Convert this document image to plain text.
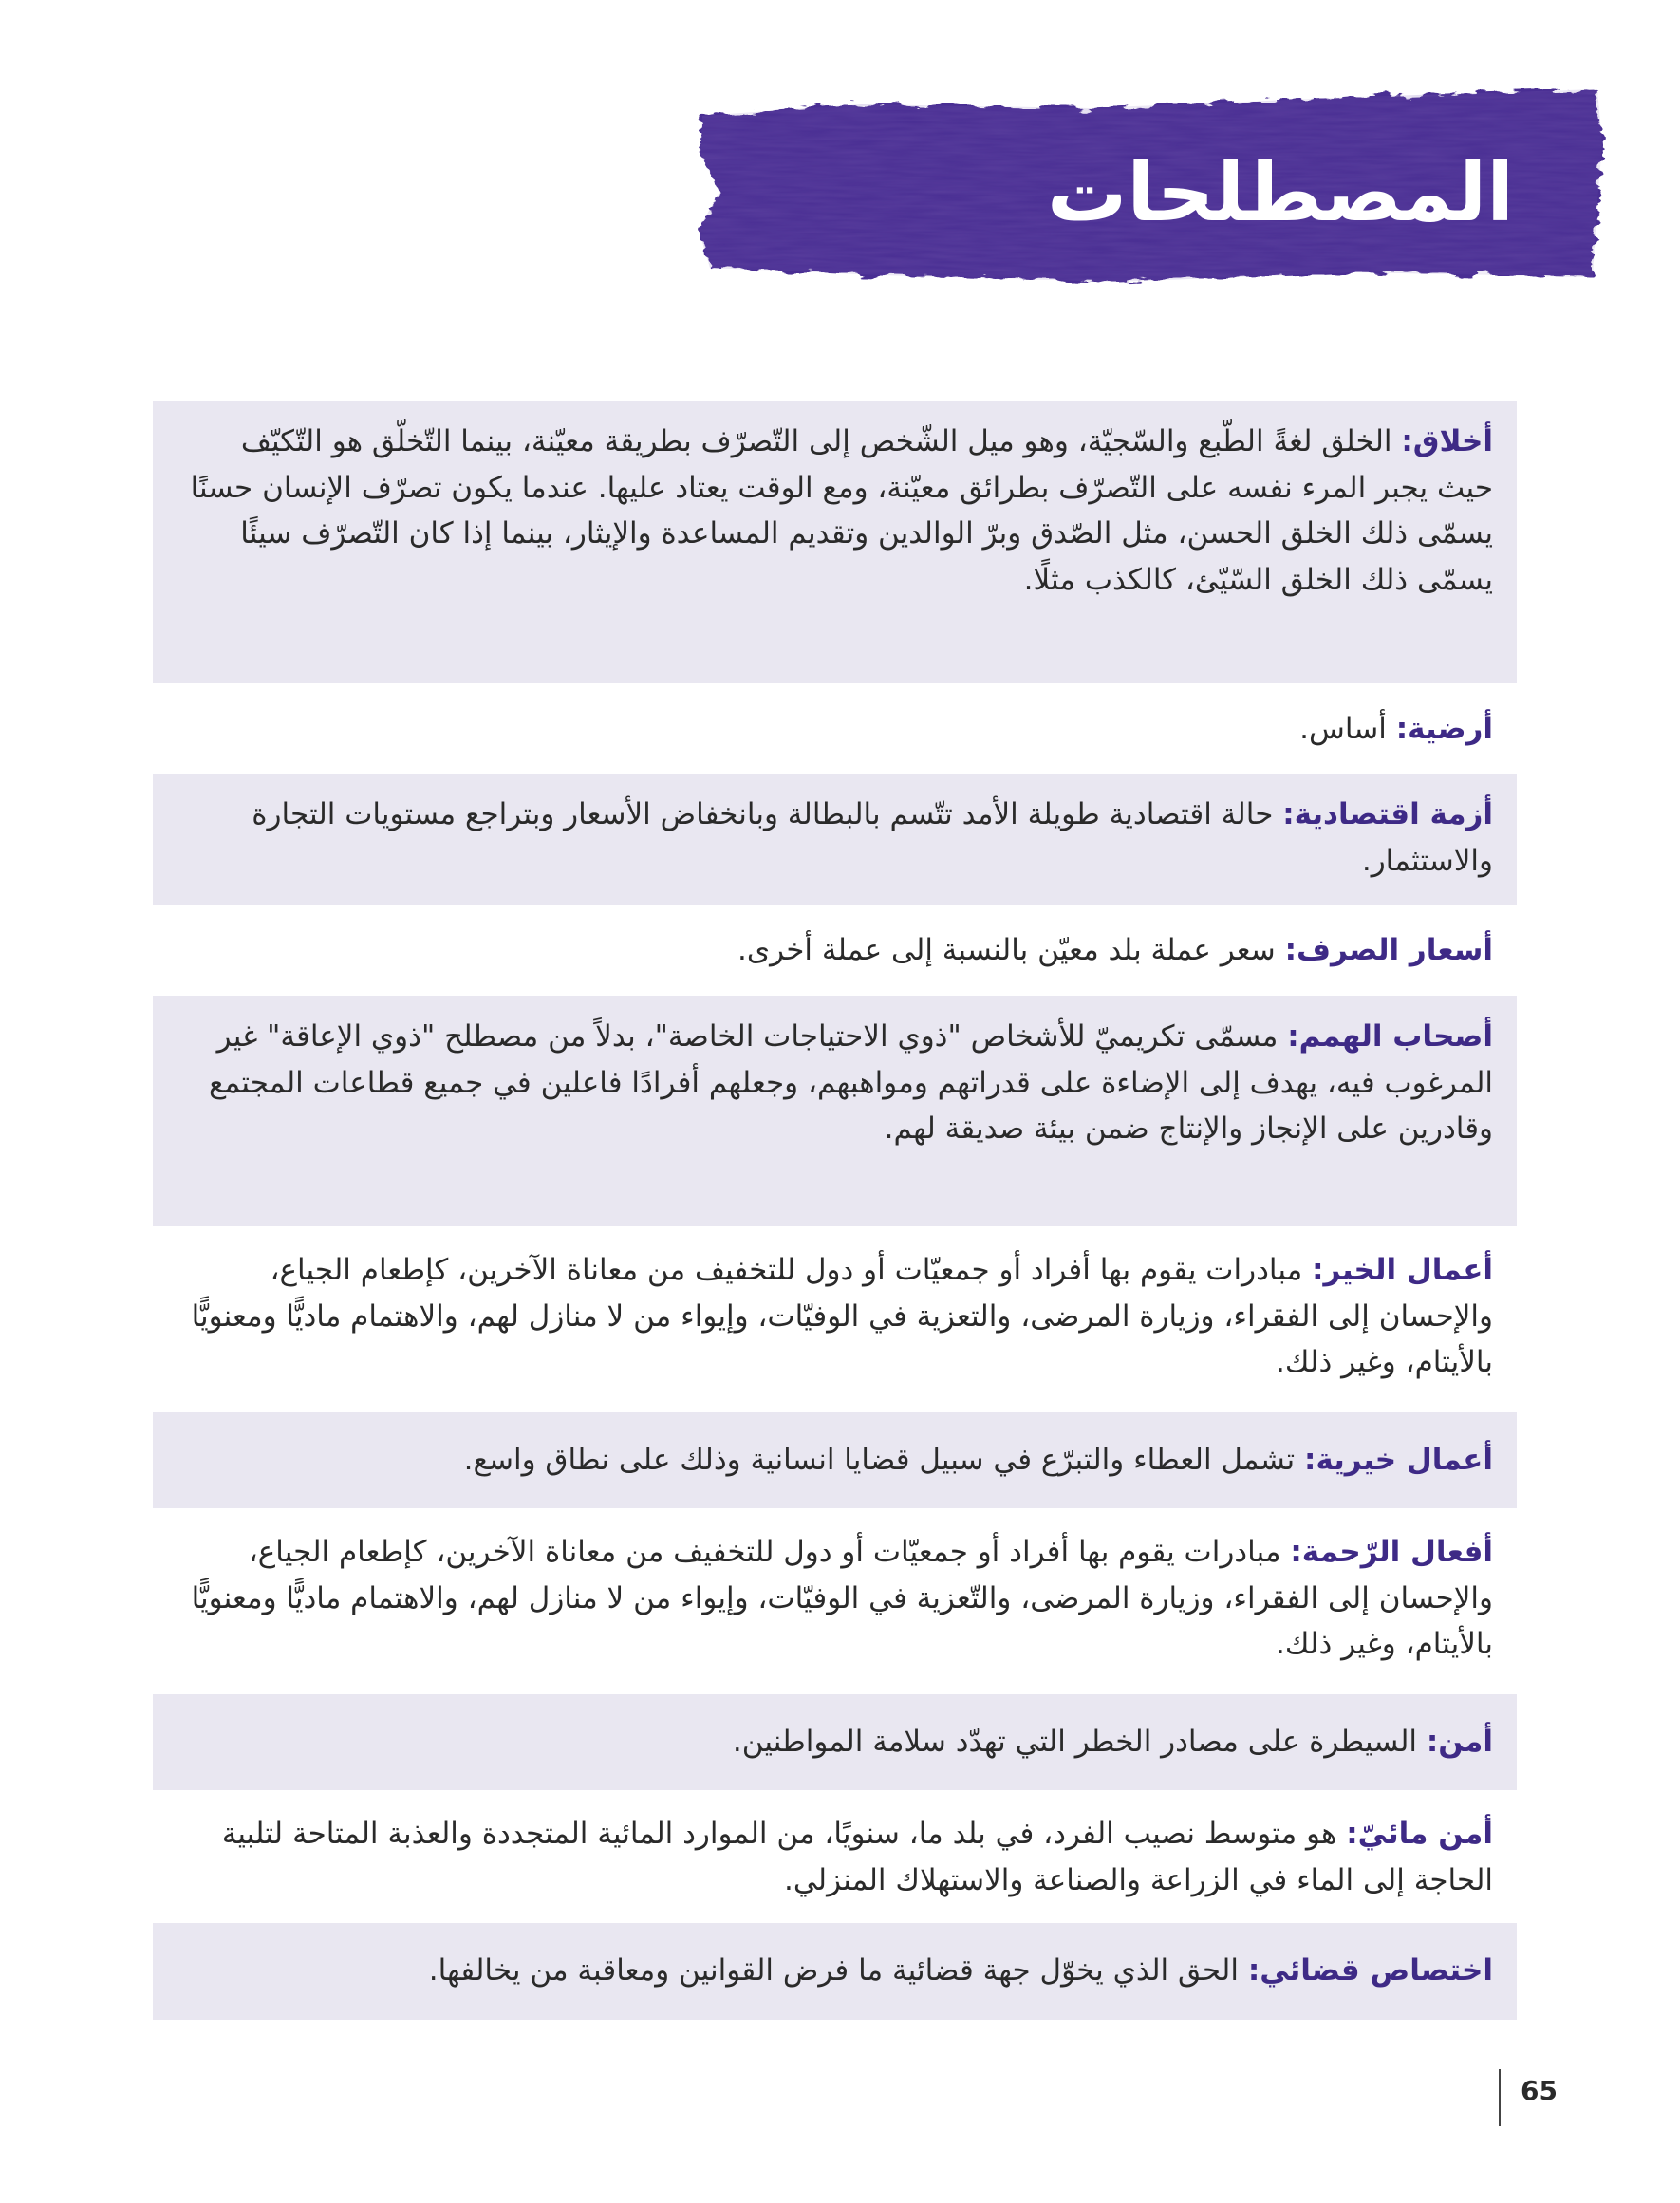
المصطلحات
أخلاق: الخلق لغةً الطّبع والسّجيّة، وهو ميل الشّخص إلى التّصرّف بطريقة معيّنة، بينما التّخلّق هو التّكيّف حيث يجبر المرء نفسه على التّصرّف بطرائق معيّنة، ومع الوقت يعتاد عليها. عندما يكون تصرّف الإنسان حسنًا يسمّى ذلك الخلق الحسن، مثل الصّدق وبرّ الوالدين وتقديم المساعدة والإيثار، بينما إذا كان التّصرّف سيئًا يسمّى ذلك الخلق السّيّئ، كالكذب مثلًا.
أرضية: أساس.
أزمة اقتصادية: حالة اقتصادية طويلة الأمد تتّسم بالبطالة وبانخفاض الأسعار وبتراجع مستويات التجارة والاستثمار.
أسعار الصرف: سعر عملة بلد معيّن بالنسبة إلى عملة أخرى.
أصحاب الهمم: مسمّى تكريميّ للأشخاص "ذوي الاحتياجات الخاصة"، بدلاً من مصطلح "ذوي الإعاقة" غير المرغوب فيه، يهدف إلى الإضاءة على قدراتهم ومواهبهم، وجعلهم أفرادًا فاعلين في جميع قطاعات المجتمع وقادرين على الإنجاز والإنتاج ضمن بيئة صديقة لهم.
أعمال الخير: مبادرات يقوم بها أفراد أو جمعيّات أو دول للتخفيف من معاناة الآخرين، كإطعام الجياع، والإحسان إلى الفقراء، وزيارة المرضى، والتعزية في الوفيّات، وإيواء من لا منازل لهم، والاهتمام ماديًّا ومعنويًّا بالأيتام، وغير ذلك.
أعمال خيرية: تشمل العطاء والتبرّع في سبيل قضايا انسانية وذلك على نطاق واسع.
أفعال الرّحمة: مبادرات يقوم بها أفراد أو جمعيّات أو دول للتخفيف من معاناة الآخرين، كإطعام الجياع، والإحسان إلى الفقراء، وزيارة المرضى، والتّعزية في الوفيّات، وإيواء من لا منازل لهم، والاهتمام ماديًّا ومعنويًّا بالأيتام، وغير ذلك.
أمن: السيطرة على مصادر الخطر التي تهدّد سلامة المواطنين.
أمن مائيّ: هو متوسط نصيب الفرد، في بلد ما، سنويًا، من الموارد المائية المتجددة والعذبة المتاحة لتلبية الحاجة إلى الماء في الزراعة والصناعة والاستهلاك المنزلي.
اختصاص قضائي: الحق الذي يخوّل جهة قضائية ما فرض القوانين ومعاقبة من يخالفها.
65
